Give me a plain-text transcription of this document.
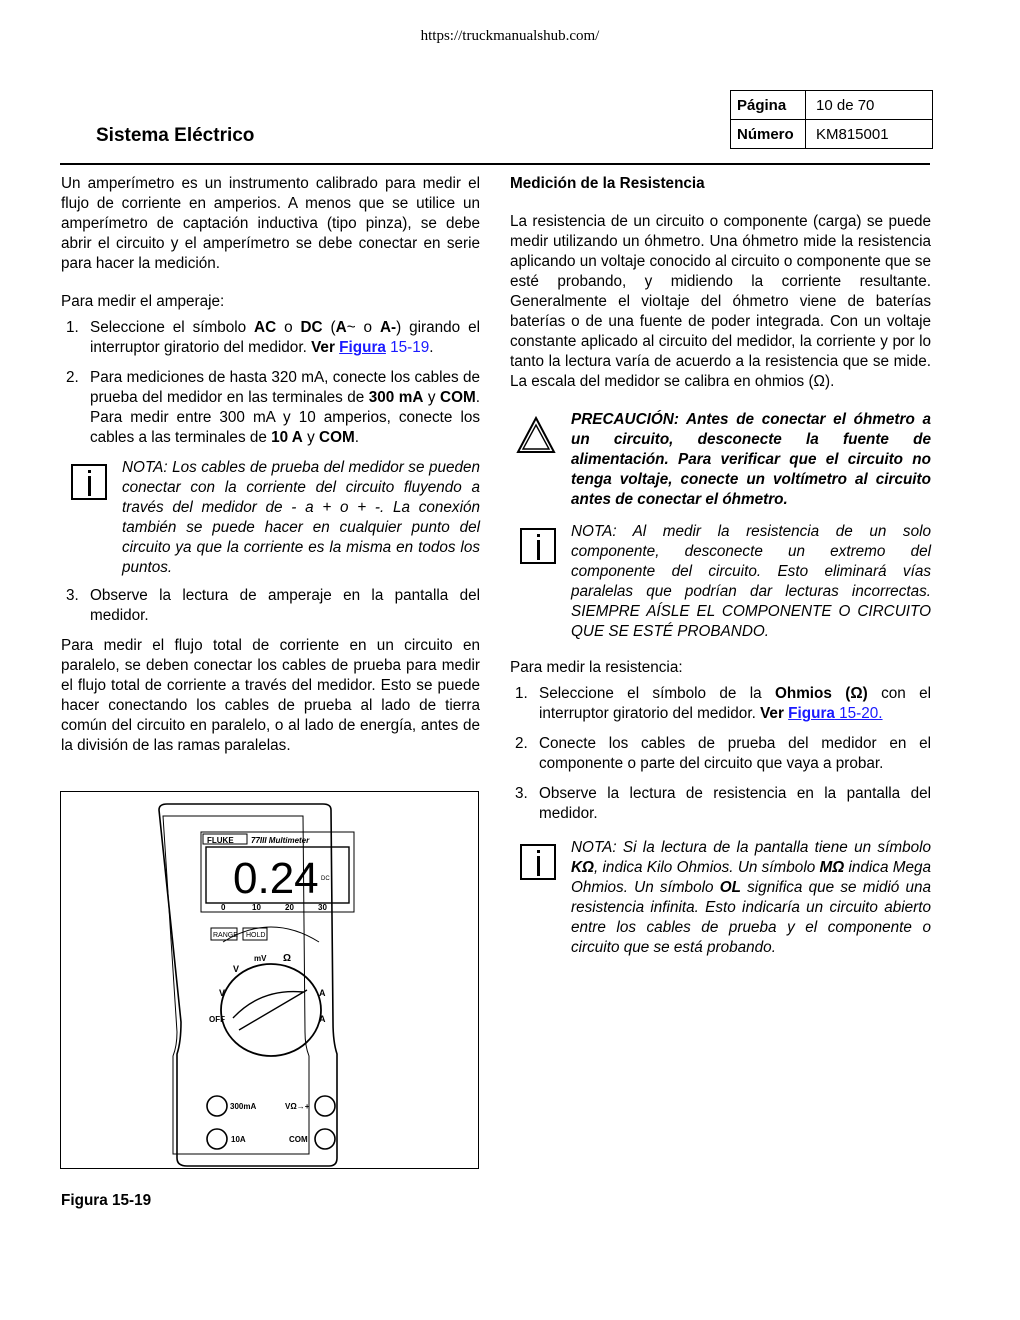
https://truckmanualshub.com/
Sistema Eléctrico
Página	10 de 70
Número	KM815001

Un amperímetro es un instrumento calibrado para medir el flujo de corriente en amperios. A menos que se utilice un amperímetro de captación inductiva (tipo pinza), se debe abrir el circuito y el amperímetro se debe conectar en serie para hacer la medición.

Para medir el amperaje:

1. Seleccione el símbolo AC o DC (A~ o A-) girando el interruptor giratorio del medidor. Ver Figura 15-19.
2. Para mediciones de hasta 320 mA, conecte los cables de prueba del medidor en las terminales de 300 mA y COM. Para medir entre 300 mA y 10 amperios, conecte los cables a las terminales de 10 A y COM.
NOTA: Los cables de prueba del medidor se pueden conectar con la corriente del circuito fluyendo a través del medidor de - a + o + -. La conexión también se puede hacer en cualquier punto del circuito ya que la corriente es la misma en todos los puntos.
3. Observe la lectura de amperaje en la pantalla del medidor.

Para medir el flujo total de corriente en un circuito en paralelo, se deben conectar los cables de prueba para medir el flujo total de corriente a través del medidor. Esto se puede hacer conectando los cables de prueba al lado de tierra común del circuito en paralelo, o al lado de energía, antes de la división de las ramas paralelas.

FLUKE 77III Multimeter
0.24 DC
0	10	20	30
RANGE HOLD
mV Ω
V
V	A
A
OFF
300mA	VΩ→+
10A	COM
Figura 15-19

Medición de la Resistencia

La resistencia de un circuito o componente (carga) se puede medir utilizando un óhmetro. Una óhmetro mide la resistencia aplicando un voltaje conocido al circuito o componente que se esté probando, y midiendo la corriente resultante. Generalmente el vioItaje del óhmetro viene de baterías baterías o de una fuente de poder integrada. Con un voltaje constante aplicado al circuito del medidor, la corriente y por lo tanto la lectura varía de acuerdo a la resistencia que se mide. La escala del medidor se calibra en ohmios (Ω).

PRECAUCIÓN: Antes de conectar el óhmetro a un circuito, desconecte la fuente de alimentación. Para verificar que el circuito no tenga voltaje, conecte un voltímetro al circuito antes de conectar el óhmetro.
NOTA: Al medir la resistencia de un solo componente, desconecte un extremo del componente del circuito. Esto eliminará vías paralelas que podrían dar lecturas incorrectas. SIEMPRE AÍSLE EL COMPONENTE O CIRCUITO QUE SE ESTÉ PROBANDO.

Para medir la resistencia:

1. Seleccione el símbolo de la Ohmios (Ω) con el interruptor giratorio del medidor. Ver Figura 15-20.
2. Conecte los cables de prueba del medidor en el componente o parte del circuito que vaya a probar.
3. Observe la lectura de resistencia en la pantalla del medidor.
NOTA: Si la lectura de la pantalla tiene un símbolo KΩ, indica Kilo Ohmios. Un símbolo MΩ indica Mega Ohmios. Un símbolo OL significa que se midió una resistencia infinita. Esto indicaría un circuito abierto entre los cables de prueba y el componente o circuito que se está probando.
